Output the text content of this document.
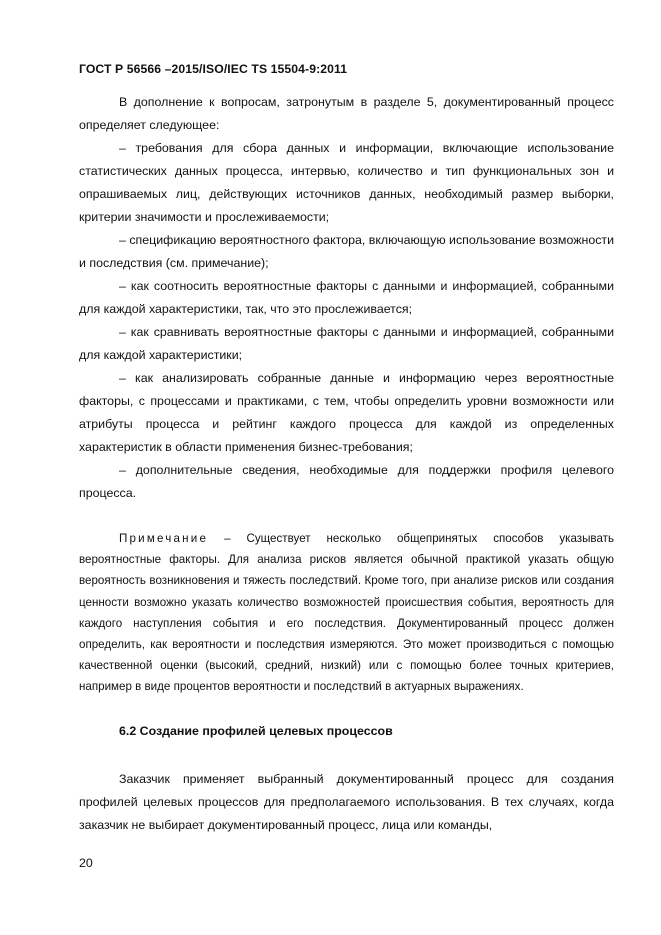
ГОСТ Р 56566 –2015/ISO/IEC TS 15504-9:2011

В дополнение к вопросам, затронутым в разделе 5, документированный процесс определяет следующее:

– требования для сбора данных и информации, включающие использование статистических данных процесса, интервью, количество и тип функциональных зон и опрашиваемых лиц, действующих источников данных, необходимый размер выборки, критерии значимости и прослеживаемости;

– спецификацию вероятностного фактора, включающую использование возможности и последствия (см. примечание);

– как соотносить вероятностные факторы с данными и информацией, собранными для каждой характеристики, так, что это прослеживается;

– как сравнивать вероятностные факторы с данными и информацией, собранными для каждой характеристики;

– как анализировать собранные данные и информацию через вероятностные факторы, с процессами и практиками, с тем, чтобы определить уровни возможности или атрибуты процесса и рейтинг каждого процесса для каждой из определенных характеристик в области применения бизнес-требования;

– дополнительные сведения, необходимые для поддержки профиля целевого процесса.

Примечание – Существует несколько общепринятых способов указывать вероятностные факторы. Для анализа рисков является обычной практикой указать общую вероятность возникновения и тяжесть последствий. Кроме того, при анализе рисков или создания ценности возможно указать количество возможностей происшествия события, вероятность для каждого наступления события и его последствия. Документированный процесс должен определить, как вероятности и последствия измеряются. Это может производиться с помощью качественной оценки (высокий, средний, низкий) или с помощью более точных критериев, например в виде процентов вероятности и последствий в актуарных выражениях.
6.2 Создание профилей целевых процессов

Заказчик применяет выбранный документированный процесс для создания профилей целевых процессов для предполагаемого использования. В тех случаях, когда заказчик не выбирает документированный процесс, лица или команды,

20
